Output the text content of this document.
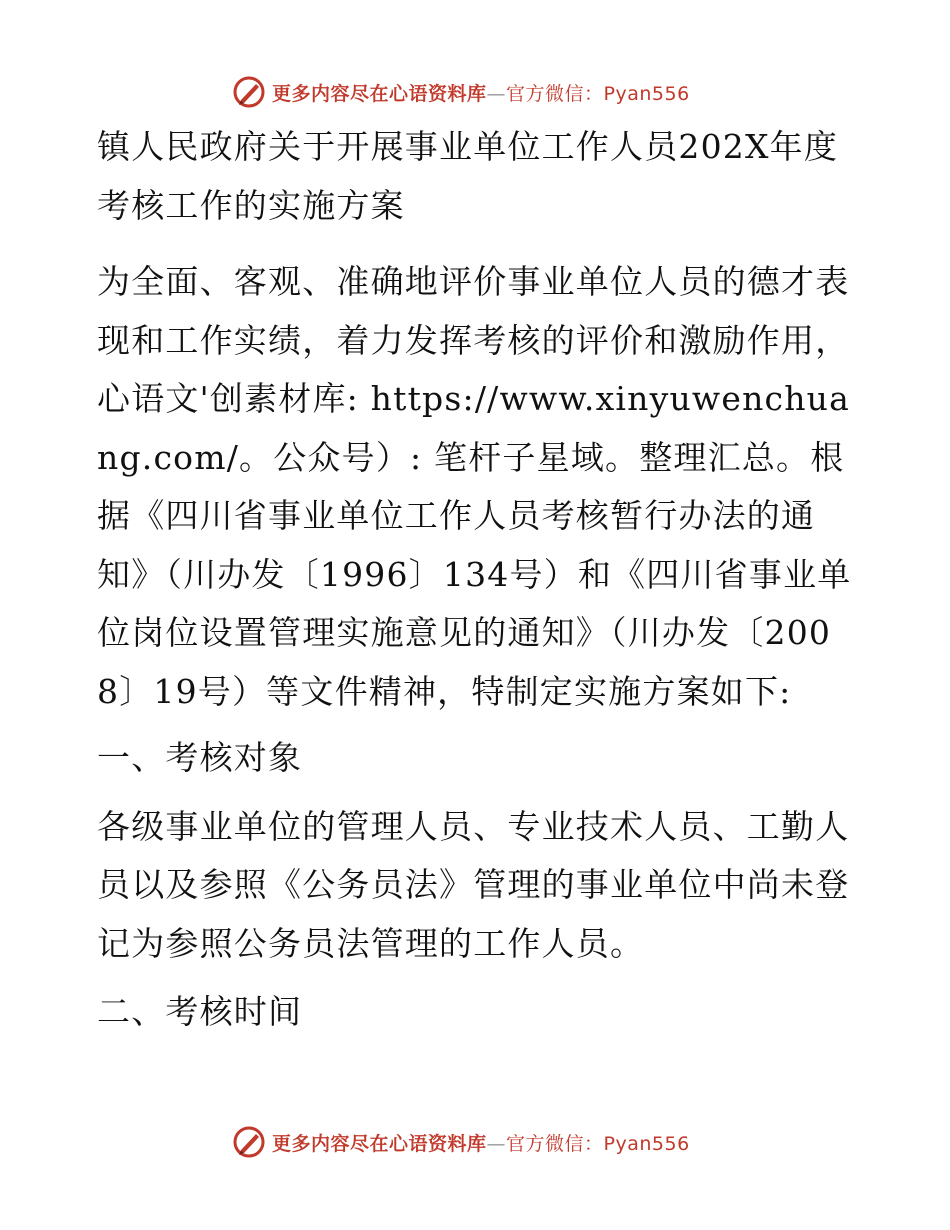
更多内容尽在心语资料库—官方微信：Pyan556

镇人民政府关于开展事业单位工作人员202X年度考核工作的实施方案

为全面、客观、准确地评价事业单位人员的德才表现和工作实绩，着力发挥考核的评价和激励作用，心语文'创素材库: https://www.xinyuwenchuang.com/。公众号）: 笔杆子星域。整理汇总。根据《四川省事业单位工作人员考核暂行办法的通知》（川办发〔1996〕134号）和《四川省事业单位岗位设置管理实施意见的通知》（川办发〔2008〕19号）等文件精神，特制定实施方案如下:

一、考核对象

各级事业单位的管理人员、专业技术人员、工勤人员以及参照《公务员法》管理的事业单位中尚未登记为参照公务员法管理的工作人员。

二、考核时间

更多内容尽在心语资料库—官方微信：Pyan556
